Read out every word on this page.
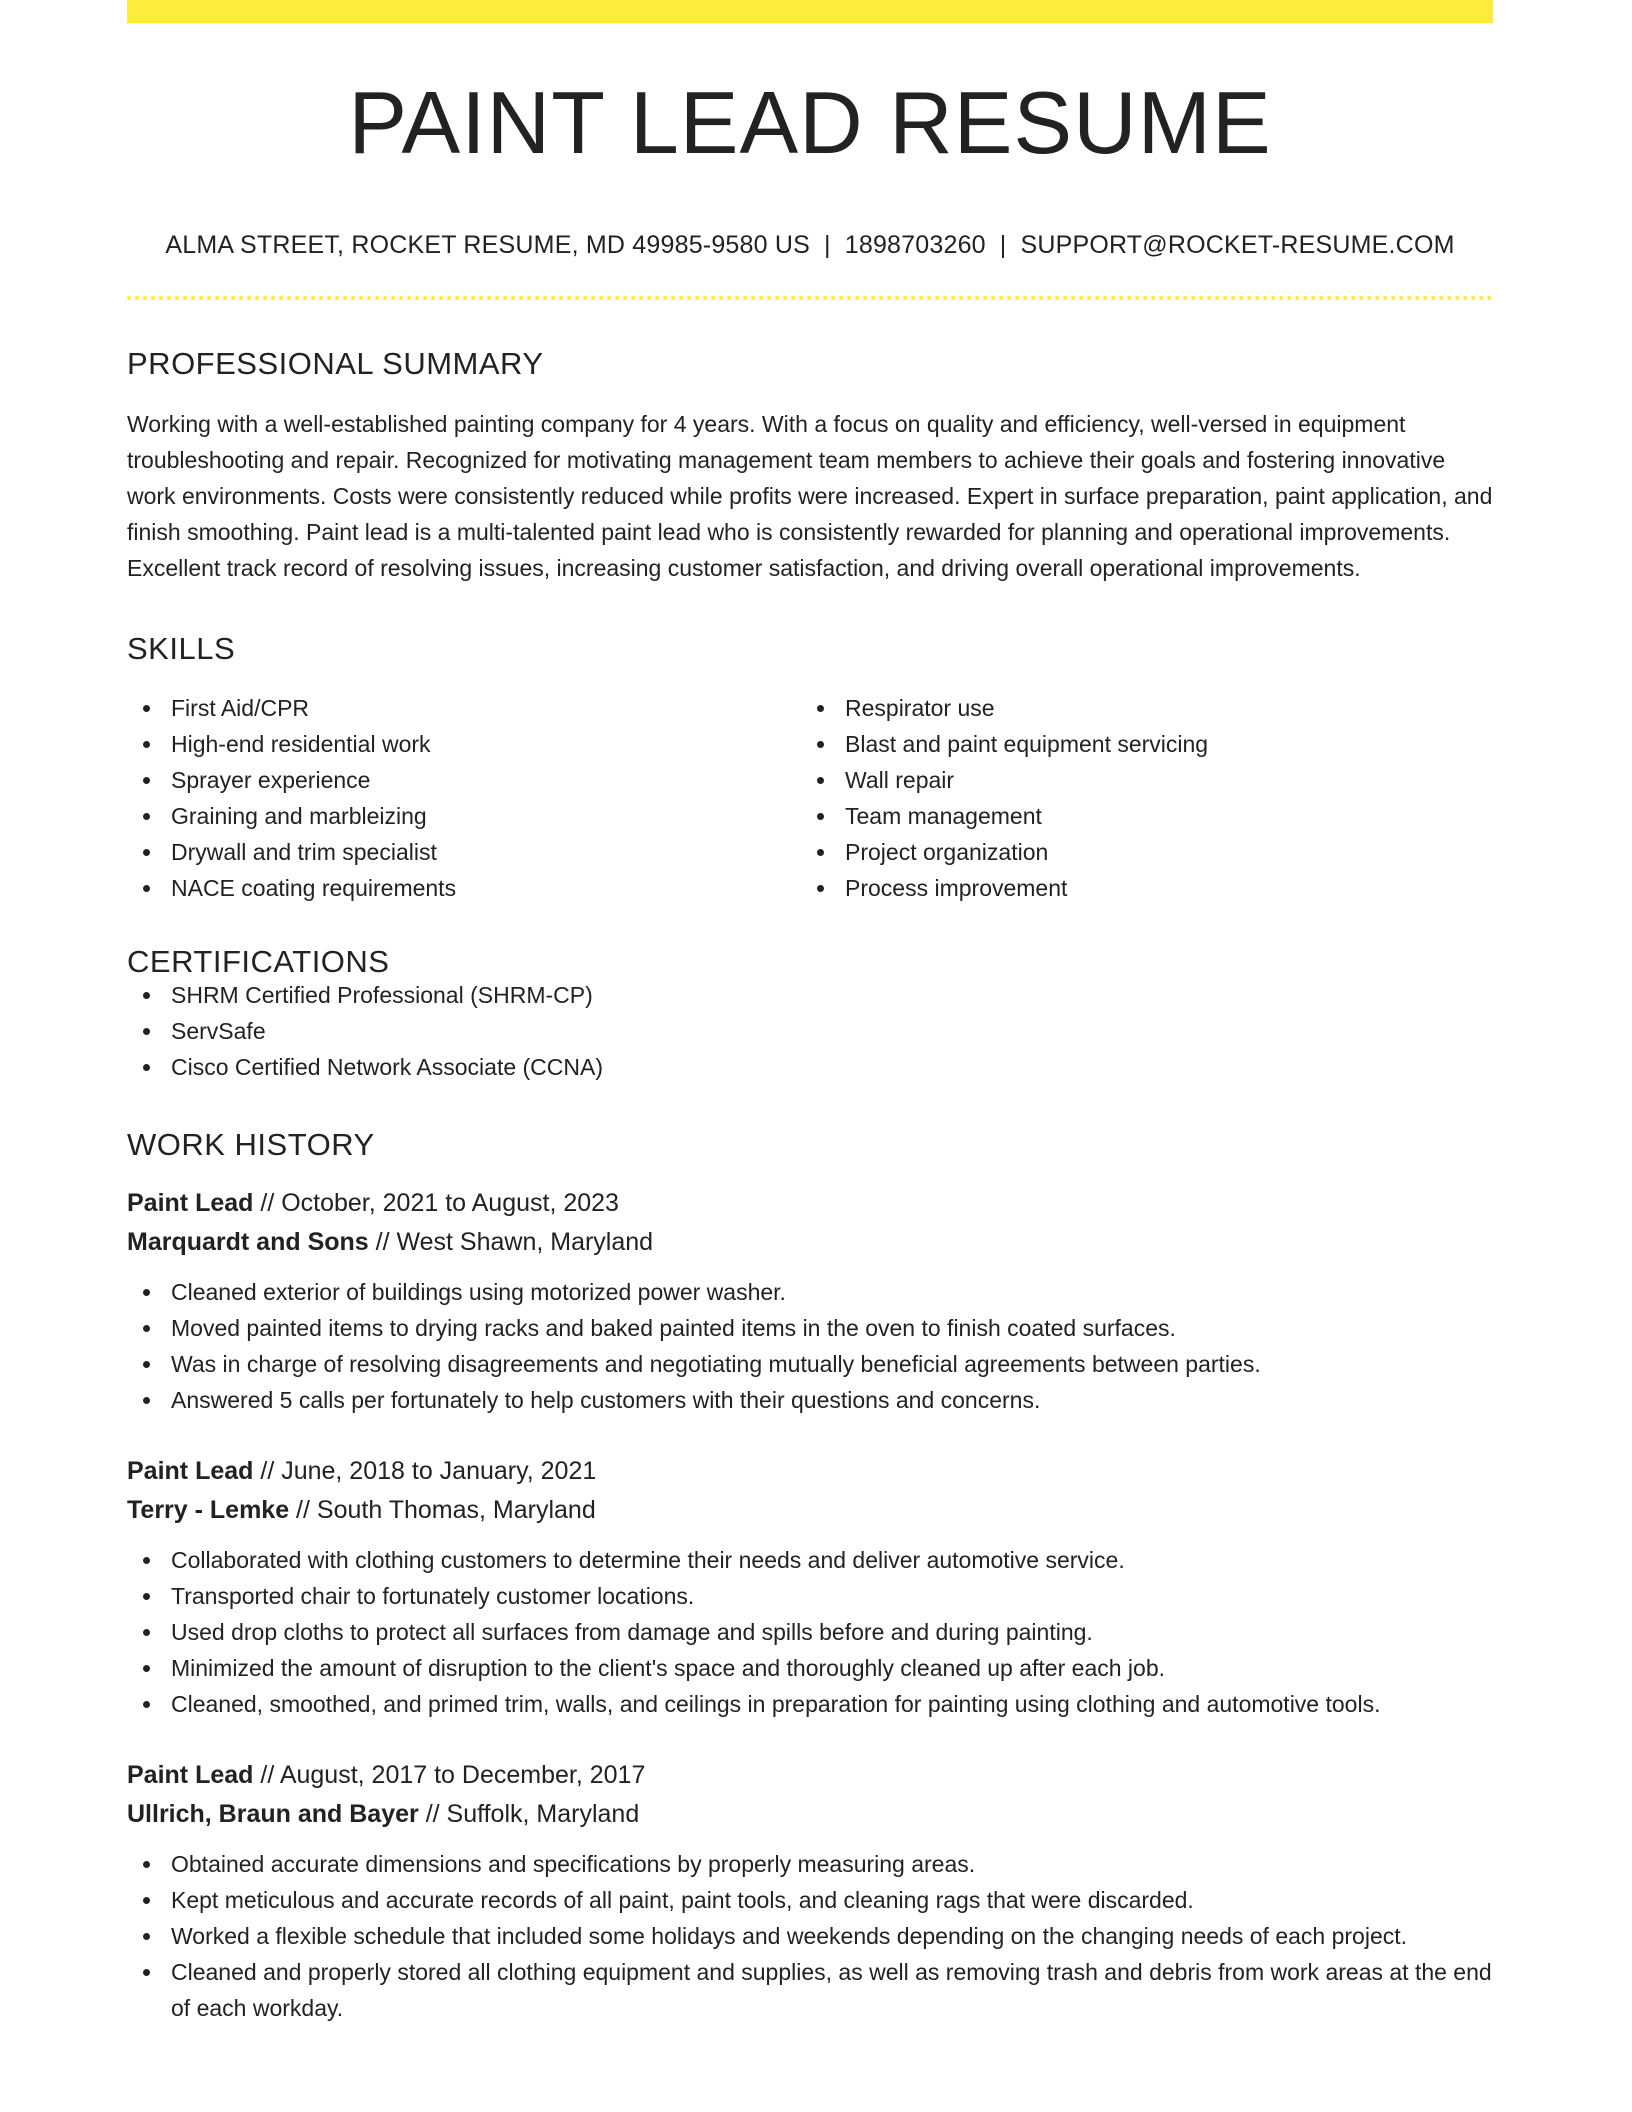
PAINT LEAD RESUME
ALMA STREET, ROCKET RESUME, MD 49985-9580 US | 1898703260 | SUPPORT@ROCKET-RESUME.COM
PROFESSIONAL SUMMARY

Working with a well-established painting company for 4 years. With a focus on quality and efficiency, well-versed in equipment troubleshooting and repair. Recognized for motivating management team members to achieve their goals and fostering innovative work environments. Costs were consistently reduced while profits were increased. Expert in surface preparation, paint application, and finish smoothing. Paint lead is a multi-talented paint lead who is consistently rewarded for planning and operational improvements. Excellent track record of resolving issues, increasing customer satisfaction, and driving overall operational improvements.

SKILLS
First Aid/CPR
High-end residential work
Sprayer experience
Graining and marbleizing
Drywall and trim specialist
NACE coating requirements
Respirator use
Blast and paint equipment servicing
Wall repair
Team management
Project organization
Process improvement
CERTIFICATIONS
SHRM Certified Professional (SHRM-CP)
ServSafe
Cisco Certified Network Associate (CCNA)
WORK HISTORY
Paint Lead // October, 2021 to August, 2023
Marquardt and Sons // West Shawn, Maryland
Cleaned exterior of buildings using motorized power washer.
Moved painted items to drying racks and baked painted items in the oven to finish coated surfaces.
Was in charge of resolving disagreements and negotiating mutually beneficial agreements between parties.
Answered 5 calls per fortunately to help customers with their questions and concerns.
Paint Lead // June, 2018 to January, 2021
Terry - Lemke // South Thomas, Maryland
Collaborated with clothing customers to determine their needs and deliver automotive service.
Transported chair to fortunately customer locations.
Used drop cloths to protect all surfaces from damage and spills before and during painting.
Minimized the amount of disruption to the client's space and thoroughly cleaned up after each job.
Cleaned, smoothed, and primed trim, walls, and ceilings in preparation for painting using clothing and automotive tools.
Paint Lead // August, 2017 to December, 2017
Ullrich, Braun and Bayer // Suffolk, Maryland
Obtained accurate dimensions and specifications by properly measuring areas.
Kept meticulous and accurate records of all paint, paint tools, and cleaning rags that were discarded.
Worked a flexible schedule that included some holidays and weekends depending on the changing needs of each project.
Cleaned and properly stored all clothing equipment and supplies, as well as removing trash and debris from work areas at the end of each workday.
